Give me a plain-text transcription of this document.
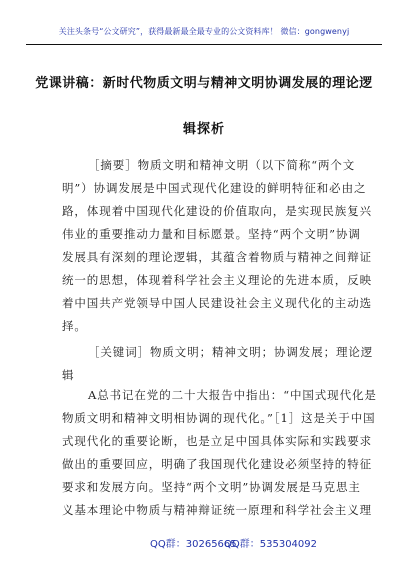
关注头条号“公文研究”，获得最新最全最专业的公文资料库！ 微信：gongwenyj
党课讲稿：新时代物质文明与精神文明协调发展的理论逻
辑探析
［摘要］物质文明和精神文明（以下简称“两个文
明”）协调发展是中国式现代化建设的鲜明特征和必由之
路，体现着中国现代化建设的价值取向，是实现民族复兴
伟业的重要推动力量和目标愿景。坚持“两个文明”协调
发展具有深刻的理论逻辑，其蕴含着物质与精神之间辩证
统一的思想，体现着科学社会主义理论的先进本质，反映
着中国共产党领导中国人民建设社会主义现代化的主动选
择。
［关键词］物质文明；精神文明；协调发展；理论逻
辑
A总书记在党的二十大报告中指出：“中国式现代化是
物质文明和精神文明相协调的现代化。”［1］这是关于中国
式现代化的重要论断，也是立足中国具体实际和实践要求
做出的重要回应，明确了我国现代化建设必须坚持的特征
要求和发展方向。坚持“两个文明”协调发展是马克思主
义基本理论中物质与精神辩证统一原理和科学社会主义理
QQ群：30265665
QQ群：535304092
